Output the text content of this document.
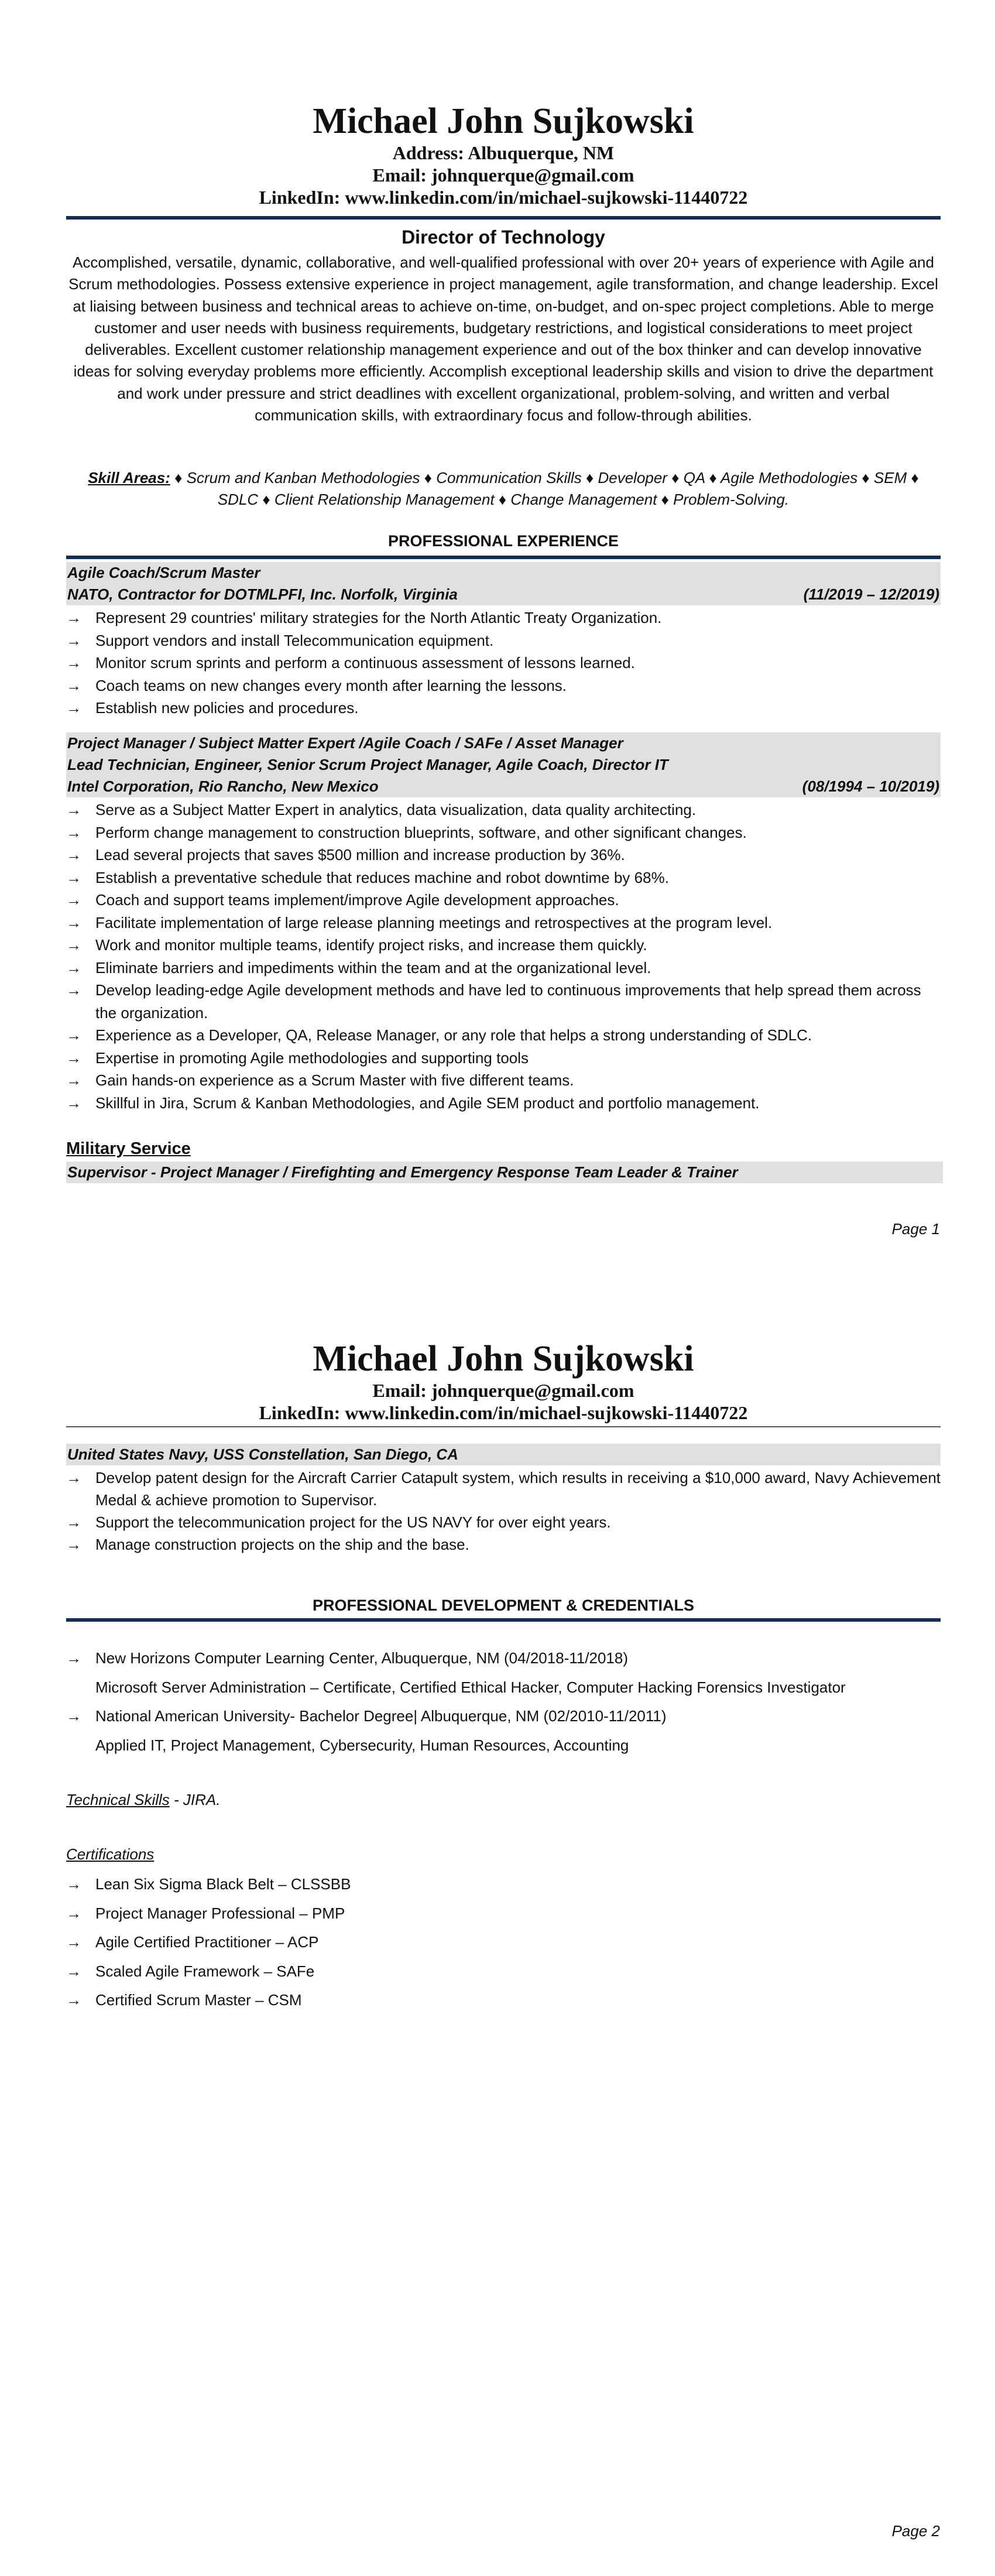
Michael John Sujkowski
Address: Albuquerque, NM
Email: johnquerque@gmail.com
LinkedIn: www.linkedin.com/in/michael-sujkowski-11440722
Director of Technology
Accomplished, versatile, dynamic, collaborative, and well-qualified professional with over 20+ years of experience with Agile and Scrum methodologies. Possess extensive experience in project management, agile transformation, and change leadership. Excel at liaising between business and technical areas to achieve on-time, on-budget, and on-spec project completions. Able to merge customer and user needs with business requirements, budgetary restrictions, and logistical considerations to meet project deliverables. Excellent customer relationship management experience and out of the box thinker and can develop innovative ideas for solving everyday problems more efficiently. Accomplish exceptional leadership skills and vision to drive the department and work under pressure and strict deadlines with excellent organizational, problem-solving, and written and verbal communication skills, with extraordinary focus and follow-through abilities.
Skill Areas: ♦ Scrum and Kanban Methodologies ♦ Communication Skills ♦ Developer ♦ QA ♦ Agile Methodologies ♦ SEM ♦ SDLC ♦ Client Relationship Management ♦ Change Management ♦ Problem-Solving.
PROFESSIONAL EXPERIENCE
Agile Coach/Scrum Master
NATO, Contractor for DOTMLPFI, Inc. Norfolk, Virginia	(11/2019 – 12/2019)
→ Represent 29 countries' military strategies for the North Atlantic Treaty Organization.
→ Support vendors and install Telecommunication equipment.
→ Monitor scrum sprints and perform a continuous assessment of lessons learned.
→ Coach teams on new changes every month after learning the lessons.
→ Establish new policies and procedures.
Project Manager / Subject Matter Expert /Agile Coach / SAFe / Asset Manager
Lead Technician, Engineer, Senior Scrum Project Manager, Agile Coach, Director IT
Intel Corporation, Rio Rancho, New Mexico	(08/1994 – 10/2019)
→ Serve as a Subject Matter Expert in analytics, data visualization, data quality architecting.
→ Perform change management to construction blueprints, software, and other significant changes.
→ Lead several projects that saves $500 million and increase production by 36%.
→ Establish a preventative schedule that reduces machine and robot downtime by 68%.
→ Coach and support teams implement/improve Agile development approaches.
→ Facilitate implementation of large release planning meetings and retrospectives at the program level.
→ Work and monitor multiple teams, identify project risks, and increase them quickly.
→ Eliminate barriers and impediments within the team and at the organizational level.
→ Develop leading-edge Agile development methods and have led to continuous improvements that help spread them across the organization.
→ Experience as a Developer, QA, Release Manager, or any role that helps a strong understanding of SDLC.
→ Expertise in promoting Agile methodologies and supporting tools
→ Gain hands-on experience as a Scrum Master with five different teams.
→ Skillful in Jira, Scrum & Kanban Methodologies, and Agile SEM product and portfolio management.
Military Service
Supervisor - Project Manager / Firefighting and Emergency Response Team Leader & Trainer
Page 1
Michael John Sujkowski
Email: johnquerque@gmail.com
LinkedIn: www.linkedin.com/in/michael-sujkowski-11440722
United States Navy, USS Constellation, San Diego, CA
→ Develop patent design for the Aircraft Carrier Catapult system, which results in receiving a $10,000 award, Navy Achievement Medal & achieve promotion to Supervisor.
→ Support the telecommunication project for the US NAVY for over eight years.
→ Manage construction projects on the ship and the base.
PROFESSIONAL DEVELOPMENT & CREDENTIALS
→ New Horizons Computer Learning Center, Albuquerque, NM (04/2018-11/2018)
Microsoft Server Administration – Certificate, Certified Ethical Hacker, Computer Hacking Forensics Investigator
→ National American University- Bachelor Degree| Albuquerque, NM (02/2010-11/2011)
Applied IT, Project Management, Cybersecurity, Human Resources, Accounting
Technical Skills - JIRA.
Certifications
→ Lean Six Sigma Black Belt – CLSSBB
→ Project Manager Professional – PMP
→ Agile Certified Practitioner – ACP
→ Scaled Agile Framework – SAFe
→ Certified Scrum Master – CSM
Page 2
